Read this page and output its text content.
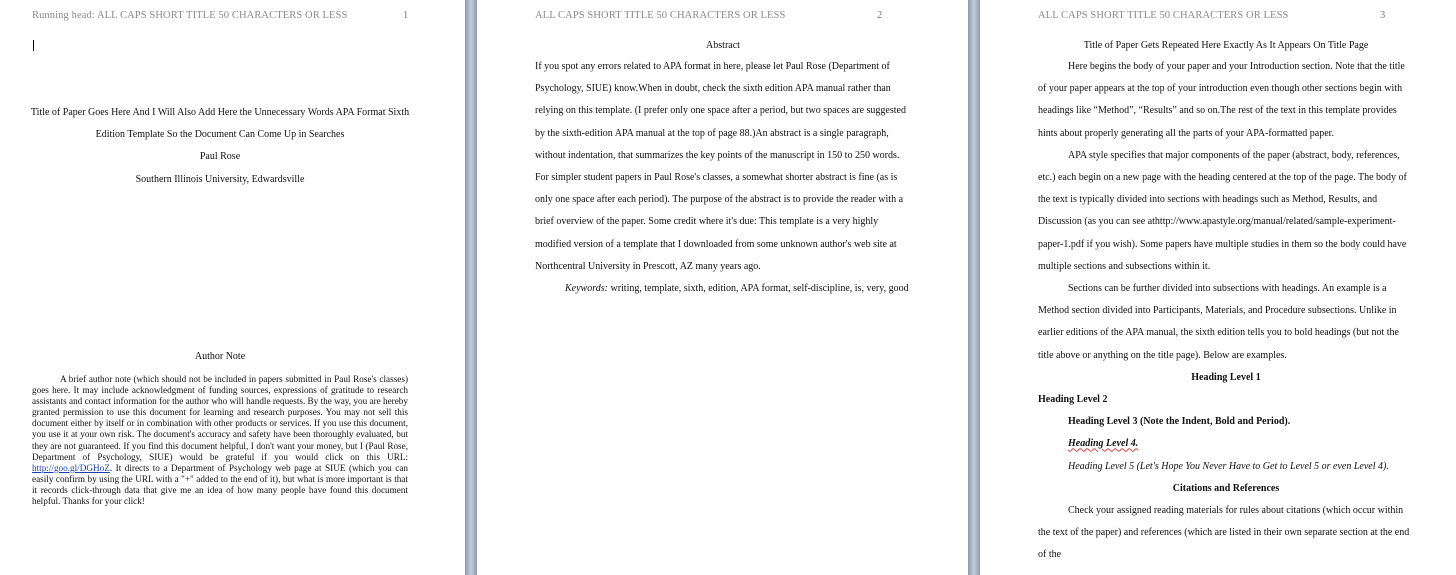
Running head: ALL CAPS SHORT TITLE 50 CHARACTERS OR LESS	1
Title of Paper Goes Here And I Will Also Add Here the Unnecessary Words APA Format Sixth
Edition Template So the Document Can Come Up in Searches
Paul Rose
Southern Illinois University, Edwardsville
Author Note

A brief author note (which should not be included in papers submitted in Paul Rose's classes) goes here. It may include acknowledgment of funding sources, expressions of gratitude to research assistants and contact information for the author who will handle requests. By the way, you are hereby granted permission to use this document for learning and research purposes. You may not sell this document either by itself or in combination with other products or services. If you use this document, you use it at your own risk. The document's accuracy and safety have been thoroughly evaluated, but they are not guaranteed. If you find this document helpful, I don't want your money, but I (Paul Rose, Department of Psychology, SIUE) would be grateful if you would click on this URL: http://goo.gl/DGHoZ. It directs to a Department of Psychology web page at SIUE (which you can easily confirm by using the URL with a "+" added to the end of it), but what is more important is that it records click-through data that give me an idea of how many people have found this document helpful. Thanks for your click!

ALL CAPS SHORT TITLE 50 CHARACTERS OR LESS	2
Abstract

If you spot any errors related to APA format in here, please let Paul Rose (Department of Psychology, SIUE) know.When in doubt, check the sixth edition APA manual rather than relying on this template. (I prefer only one space after a period, but two spaces are suggested by the sixth-edition APA manual at the top of page 88.)An abstract is a single paragraph, without indentation, that summarizes the key points of the manuscript in 150 to 250 words. For simpler student papers in Paul Rose's classes, a somewhat shorter abstract is fine (as is only one space after each period). The purpose of the abstract is to provide the reader with a brief overview of the paper. Some credit where it's due: This template is a very highly modified version of a template that I downloaded from some unknown author's web site at Northcentral University in Prescott, AZ many years ago.

Keywords: writing, template, sixth, edition, APA format, self-discipline, is, very, good

ALL CAPS SHORT TITLE 50 CHARACTERS OR LESS	3
Title of Paper Gets Repeated Here Exactly As It Appears On Title Page

Here begins the body of your paper and your Introduction section. Note that the title of your paper appears at the top of your introduction even though other sections begin with headings like “Method”, “Results” and so on.The rest of the text in this template provides hints about properly generating all the parts of your APA-formatted paper.

APA style specifies that major components of the paper (abstract, body, references, etc.) each begin on a new page with the heading centered at the top of the page. The body of the text is typically divided into sections with headings such as Method, Results, and Discussion (as you can see athttp://www.apastyle.org/manual/related/sample-experiment-paper-1.pdf if you wish). Some papers have multiple studies in them so the body could have multiple sections and subsections within it.

Sections can be further divided into subsections with headings. An example is a Method section divided into Participants, Materials, and Procedure subsections. Unlike in earlier editions of the APA manual, the sixth edition tells you to bold headings (but not the title above or anything on the title page). Below are examples.

Heading Level 1

Heading Level 2

Heading Level 3 (Note the Indent, Bold and Period).

Heading Level 4.

Heading Level 5 (Let's Hope You Never Have to Get to Level 5 or even Level 4).

Citations and References

Check your assigned reading materials for rules about citations (which occur within the text of the paper) and references (which are listed in their own separate section at the end of the
